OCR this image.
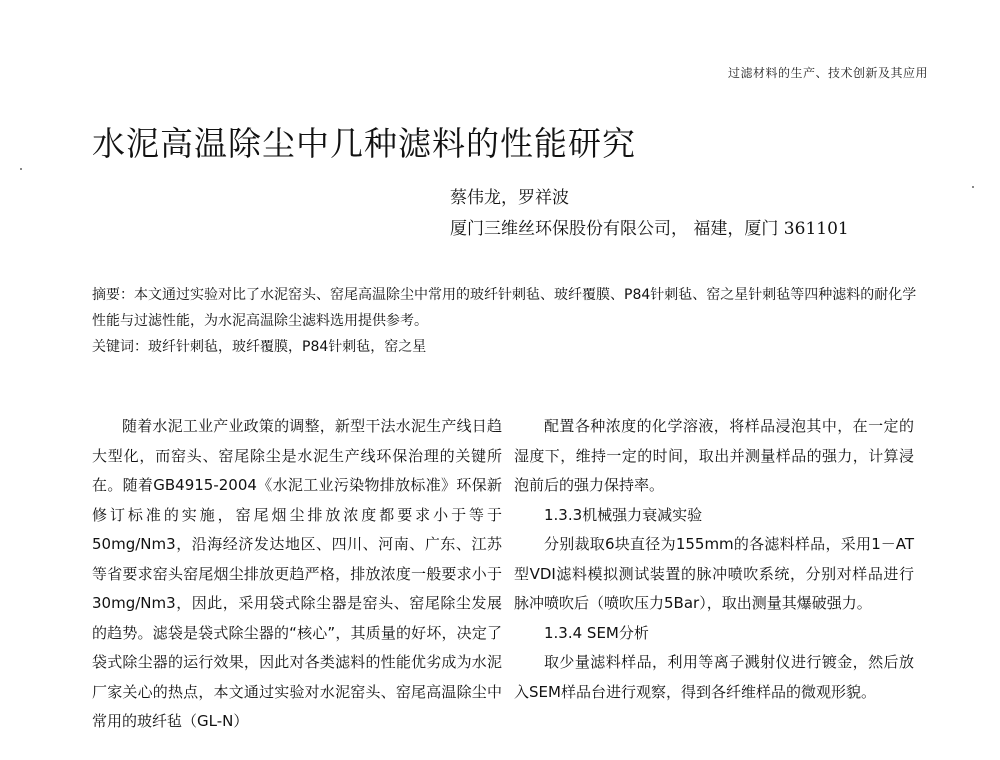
过滤材料的生产、技术创新及其应用
水泥高温除尘中几种滤料的性能研究
蔡伟龙，罗祥波
厦门三维丝环保股份有限公司， 福建，厦门 361101

摘要：本文通过实验对比了水泥窑头、窑尾高温除尘中常用的玻纤针刺毡、玻纤覆膜、P84针刺毡、窑之星针刺毡等四种滤料的耐化学性能与过滤性能，为水泥高温除尘滤料选用提供参考。

关键词：玻纤针刺毡，玻纤覆膜，P84针刺毡，窑之星

随着水泥工业产业政策的调整，新型干法水泥生产线日趋大型化，而窑头、窑尾除尘是水泥生产线环保治理的关键所在。随着GB4915-2004《水泥工业污染物排放标准》环保新修订标准的实施，窑尾烟尘排放浓度都要求小于等于50mg/Nm3，沿海经济发达地区、四川、河南、广东、江苏等省要求窑头窑尾烟尘排放更趋严格，排放浓度一般要求小于30mg/Nm3，因此，采用袋式除尘器是窑头、窑尾除尘发展的趋势。滤袋是袋式除尘器的“核心”，其质量的好坏，决定了袋式除尘器的运行效果，因此对各类滤料的性能优劣成为水泥厂家关心的热点，本文通过实验对水泥窑头、窑尾高温除尘中常用的玻纤毡（GL-N）

配置各种浓度的化学溶液，将样品浸泡其中，在一定的湿度下，维持一定的时间，取出并测量样品的强力，计算浸泡前后的强力保持率。

1.3.3机械强力衰减实验

分别裁取6块直径为155mm的各滤料样品，采用1－AT型VDI滤料模拟测试装置的脉冲喷吹系统，分别对样品进行脉冲喷吹后（喷吹压力5Bar），取出测量其爆破强力。

1.3.4 SEM分析

取少量滤料样品，利用等离子溅射仪进行镀金，然后放入SEM样品台进行观察，得到各纤维样品的微观形貌。
